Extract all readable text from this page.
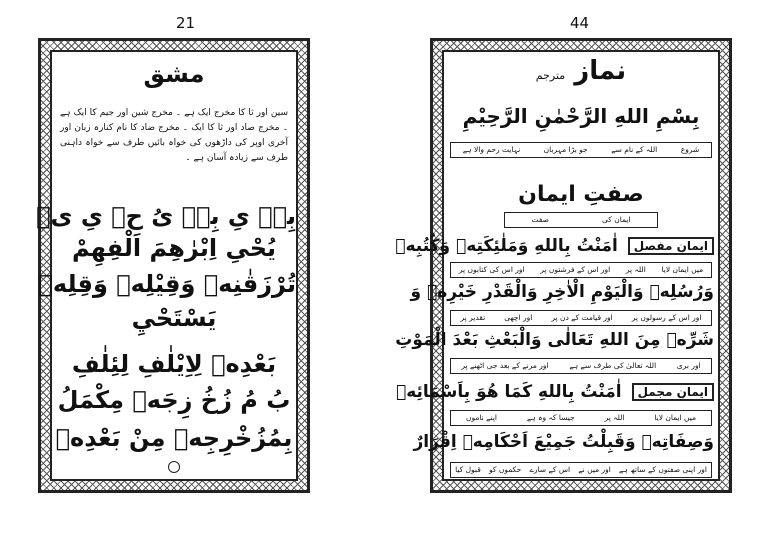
21
مشق
سین اور ثا کا مخرج ایک ہے ۔ مخرج شین اور جیم کا ایک ہے ۔ مخرج صاد اور ثا کا ایک ۔ مخرج ضاد کا نام کنارہ زبان اور آخری اوپر کی داڑھوں کی خواہ بائیں طرف سے خواہ داہنی طرف سے زیادہ آسان ہے ۔
بِہٖ یِ بِہٖ یُ حٖ یِ یٖ
یُحْیِ اِبْرٰهِمَ اَلْفِهِمْ
تُرْزَقٰنِهٖ وَقِيْلِهٖ وَقِلِهٖ
يَسْتَحْيِ
بَعْدِهٖ لِاِيْلٰفِ لِئِلٰفِ
بُ مُ زُخُ زِجَهٖ مِكْمَلُ
بِمُزُخْرِجِهٖ مِنْ بَعْدِهٖ
44
نماز مترجم
بِسْمِ اللهِ الرَّحْمٰنِ الرَّحِيْمِ
شروع
اللہ کے نام سے
جو بڑا مہربان
نہایت رحم والا ہے
صفتِ ایمان
ایمان کی
صفت
ایمانِ مفصل اٰمَنْتُ بِاللهِ وَمَلٰئِكَتِهٖ وَكُتُبِهٖ
میں ایمان لایا
اللہ پر
اور اس کے فرشتوں پر
اور اس کی کتابوں پر
وَرُسُلِهٖ وَالْيَوْمِ الْاٰخِرِ وَالْقَدْرِ خَيْرِهٖ وَ
اور اس کے رسولوں پر
اور قیامت کے دن پر
اور اچھی
تقدیر پر
شَرِّهٖ مِنَ اللهِ تَعَالٰى وَالْبَعْثِ بَعْدَ الْمَوْتِ
اور بری
اللہ تعالیٰ کی طرف سے ہے
اور مرنے کے بعد جی اٹھنے پر
ایمانِ مجمل اٰمَنْتُ بِاللهِ كَمَا هُوَ بِاَسْمَائِهٖ
میں ایمان لایا
اللہ پر
جیسا کہ وہ ہے
اپنے ناموں
وَصِفَاتِهٖ وَقَبِلْتُ جَمِيْعَ اَحْكَامِهٖ اِقْرَارٌ
اور اپنی صفتوں کے ساتھ ہے
اور میں نے
اس کے سارے
حکموں کو
قبول کیا
